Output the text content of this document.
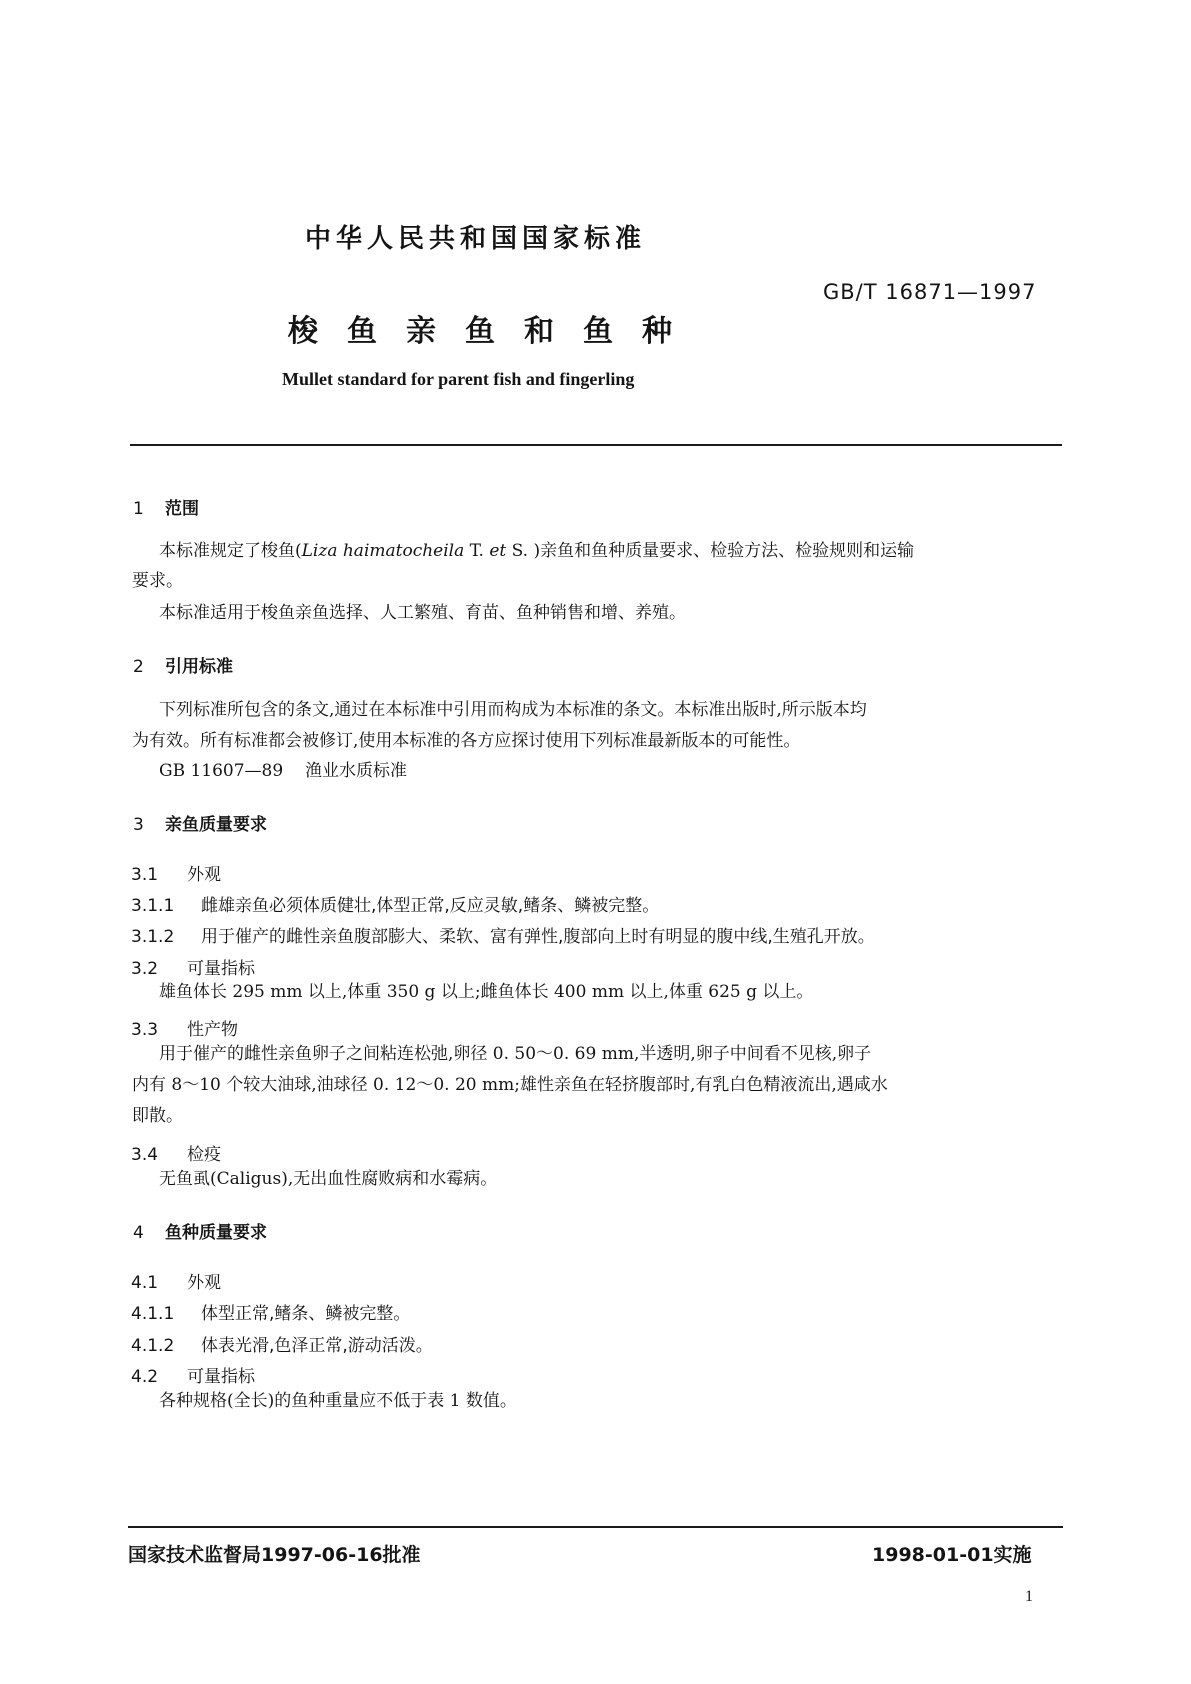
中华人民共和国国家标准
GB/T 16871—1997
梭鱼亲鱼和鱼种
Mullet standard for parent fish and fingerling
1 范围
本标准规定了梭鱼(Liza haimatocheila T. et S. )亲鱼和鱼种质量要求、检验方法、检验规则和运输
要求。
本标准适用于梭鱼亲鱼选择、人工繁殖、育苗、鱼种销售和增、养殖。
2 引用标准
下列标准所包含的条文,通过在本标准中引用而构成为本标准的条文。本标准出版时,所示版本均
为有效。所有标准都会被修订,使用本标准的各方应探讨使用下列标准最新版本的可能性。
GB 11607—89 渔业水质标准
3 亲鱼质量要求
3.1 外观
3.1.1 雌雄亲鱼必须体质健壮,体型正常,反应灵敏,鳍条、鳞被完整。
3.1.2 用于催产的雌性亲鱼腹部膨大、柔软、富有弹性,腹部向上时有明显的腹中线,生殖孔开放。
3.2 可量指标
雄鱼体长 295 mm 以上,体重 350 g 以上;雌鱼体长 400 mm 以上,体重 625 g 以上。
3.3 性产物
用于催产的雌性亲鱼卵子之间粘连松弛,卵径 0. 50～0. 69 mm,半透明,卵子中间看不见核,卵子
内有 8～10 个较大油球,油球径 0. 12～0. 20 mm;雄性亲鱼在轻挤腹部时,有乳白色精液流出,遇咸水
即散。
3.4 检疫
无鱼虱(Caligus),无出血性腐败病和水霉病。
4 鱼种质量要求
4.1 外观
4.1.1 体型正常,鳍条、鳞被完整。
4.1.2 体表光滑,色泽正常,游动活泼。
4.2 可量指标
各种规格(全长)的鱼种重量应不低于表 1 数值。
国家技术监督局1997-06-16批准	1998-01-01实施
1
